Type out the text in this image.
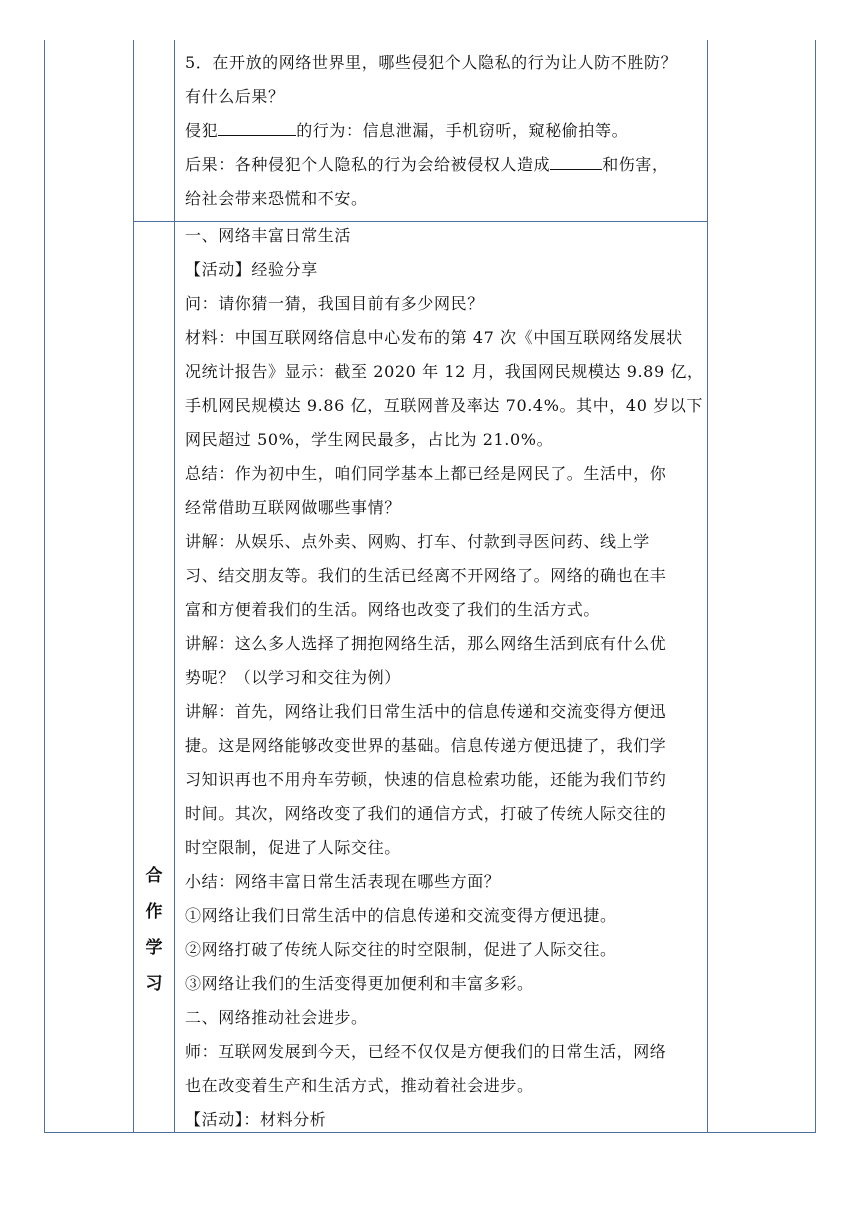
5．在开放的网络世界里，哪些侵犯个人隐私的行为让人防不胜防？

有什么后果？

侵犯	的行为：信息泄漏，手机窃听，窥秘偷拍等。

后果：各种侵犯个人隐私的行为会给被侵权人造成	和伤害，

给社会带来恐慌和不安。

合
作
学
习

一、网络丰富日常生活

【活动】经验分享

问：请你猜一猜，我国目前有多少网民？

材料：中国互联网络信息中心发布的第 47 次《中国互联网络发展状

况统计报告》显示：截至 2020 年 12 月，我国网民规模达 9.89 亿，

手机网民规模达 9.86 亿，互联网普及率达 70.4%。其中，40 岁以下

网民超过 50%，学生网民最多，占比为 21.0%。

总结：作为初中生，咱们同学基本上都已经是网民了。生活中，你

经常借助互联网做哪些事情？

讲解：从娱乐、点外卖、网购、打车、付款到寻医问药、线上学

习、结交朋友等。我们的生活已经离不开网络了。网络的确也在丰

富和方便着我们的生活。网络也改变了我们的生活方式。

讲解：这么多人选择了拥抱网络生活，那么网络生活到底有什么优

势呢？（以学习和交往为例）

讲解：首先，网络让我们日常生活中的信息传递和交流变得方便迅

捷。这是网络能够改变世界的基础。信息传递方便迅捷了，我们学

习知识再也不用舟车劳顿，快速的信息检索功能，还能为我们节约

时间。其次，网络改变了我们的通信方式，打破了传统人际交往的

时空限制，促进了人际交往。

小结：网络丰富日常生活表现在哪些方面？

①网络让我们日常生活中的信息传递和交流变得方便迅捷。

②网络打破了传统人际交往的时空限制，促进了人际交往。

③网络让我们的生活变得更加便利和丰富多彩。

二、网络推动社会进步。

师：互联网发展到今天，已经不仅仅是方便我们的日常生活，网络

也在改变着生产和生活方式，推动着社会进步。

【活动】：材料分析
